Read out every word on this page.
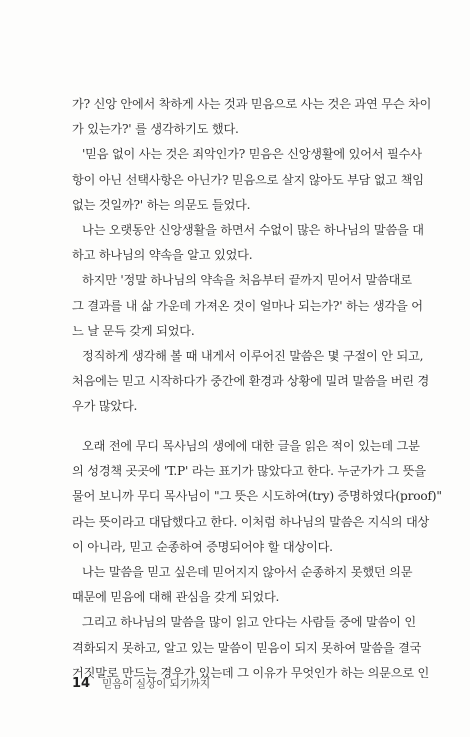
가? 신앙 안에서 착하게 사는 것과 믿음으로 사는 것은 과연 무슨 차이
가 있는가?' 를 생각하기도 했다.
'믿음 없이 사는 것은 죄악인가? 믿음은 신앙생활에 있어서 필수사
항이 아닌 선택사항은 아닌가? 믿음으로 살지 않아도 부담 없고 책임
없는 것일까?' 하는 의문도 들었다.
나는 오랫동안 신앙생활을 하면서 수없이 많은 하나님의 말씀을 대
하고 하나님의 약속을 알고 있었다.
하지만 '정말 하나님의 약속을 처음부터 끝까지 믿어서 말씀대로
그 결과를 내 삶 가운데 가져온 것이 얼마나 되는가?' 하는 생각을 어
느 날 문득 갖게 되었다.
정직하게 생각해 볼 때 내게서 이루어진 말씀은 몇 구절이 안 되고,
처음에는 믿고 시작하다가 중간에 환경과 상황에 밀려 말씀을 버린 경
우가 많았다.
오래 전에 무디 목사님의 생에에 대한 글을 읽은 적이 있는데 그분
의 성경책 곳곳에 'T.P' 라는 표기가 많았다고 한다. 누군가가 그 뜻을
물어 보니까 무디 목사님이 "그 뜻은 시도하여(try) 증명하였다(proof)"
라는 뜻이라고 대답했다고 한다. 이처럼 하나님의 말씀은 지식의 대상
이 아니라, 믿고 순종하여 증명되어야 할 대상이다.
나는 말씀을 믿고 싶은데 믿어지지 않아서 순종하지 못했던 의문
때문에 믿음에 대해 관심을 갖게 되었다.
그리고 하나님의 말씀을 많이 읽고 안다는 사람들 중에 말씀이 인
격화되지 못하고, 알고 있는 말씀이 믿음이 되지 못하여 말씀을 결국
거짓말로 만드는 경우가 있는데 그 이유가 무엇인가 하는 의문으로 인
14 믿음이 실상이 되기까지
